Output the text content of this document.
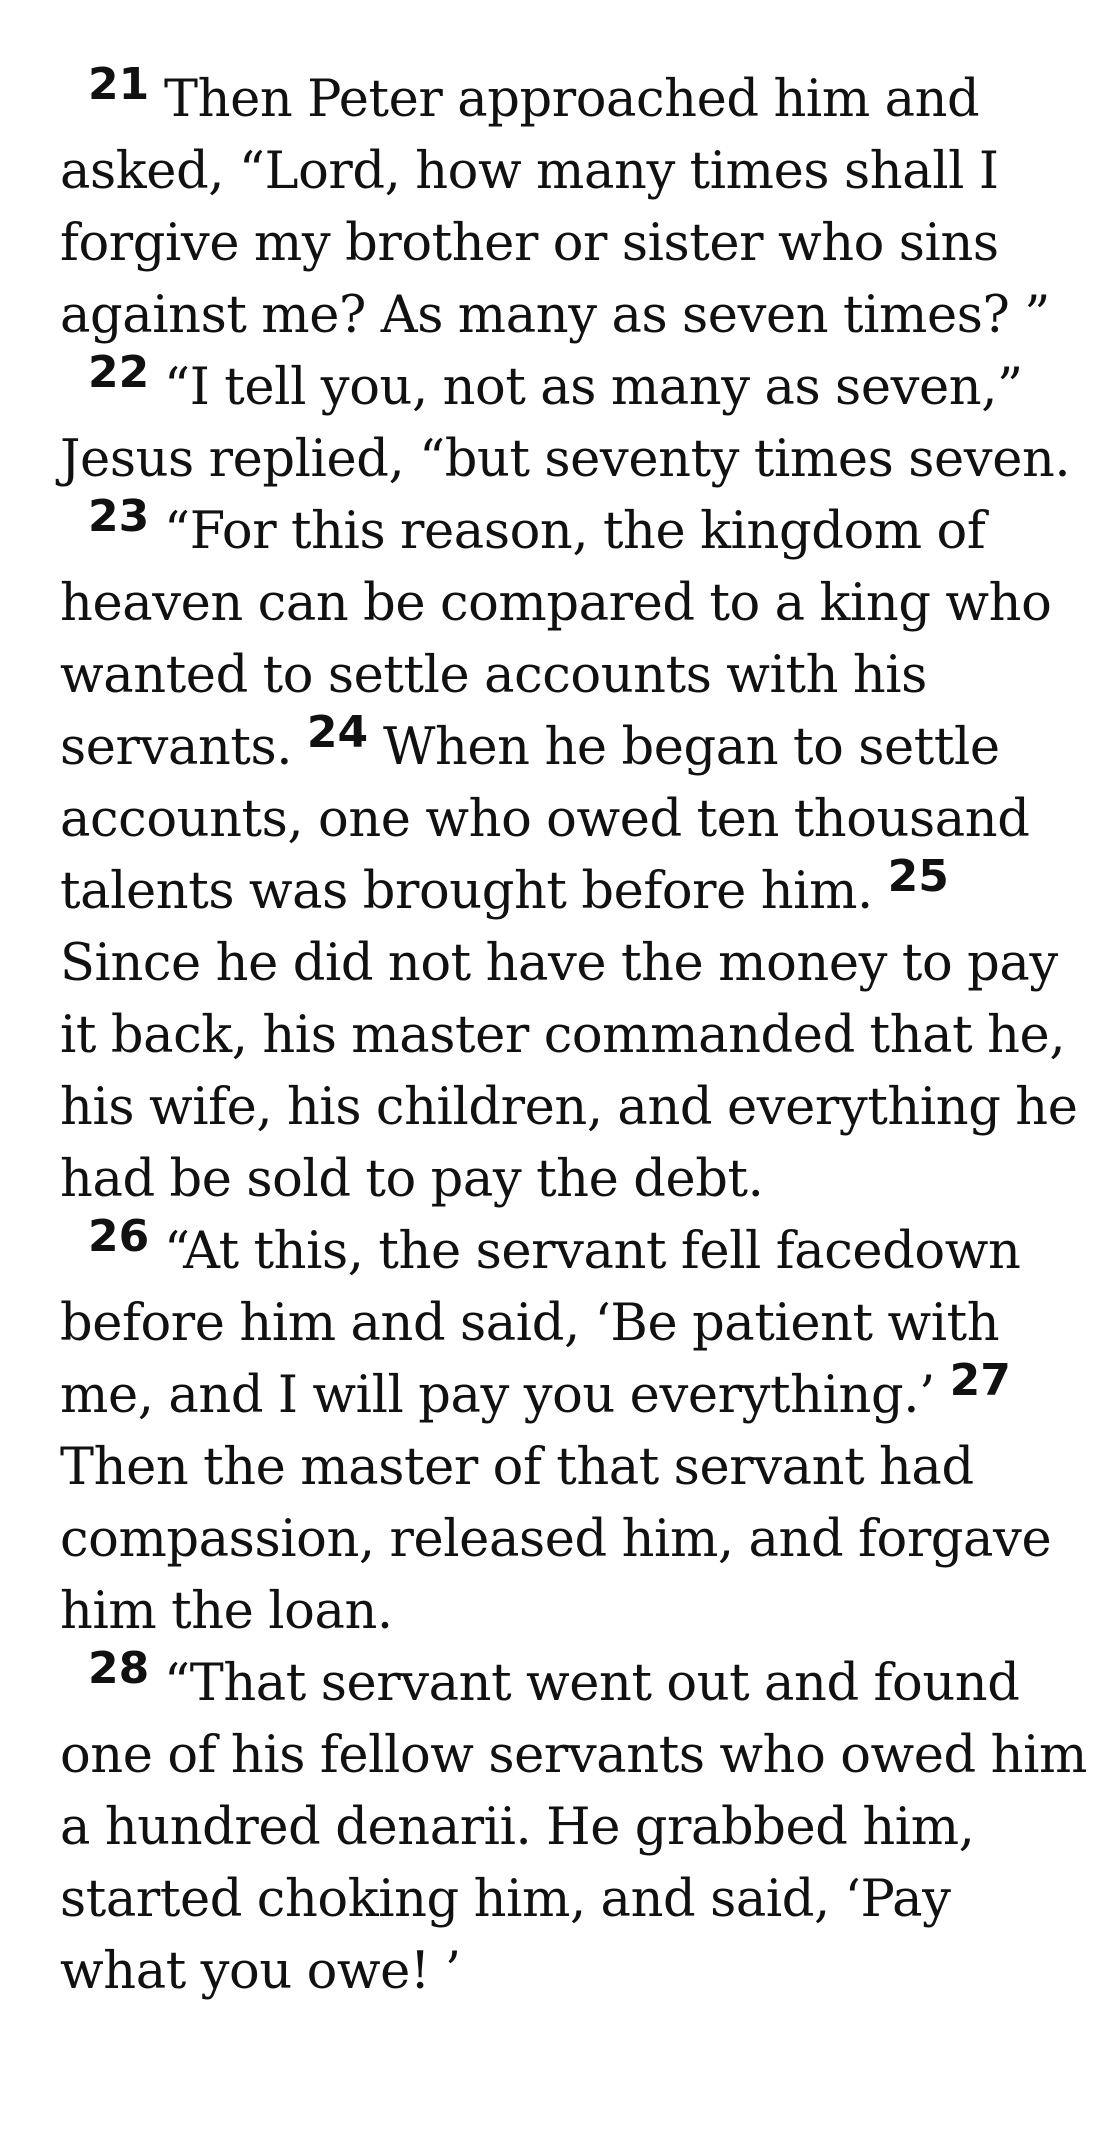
21 Then Peter approached him and asked, “Lord, how many times shall I forgive my brother or sister who sins against me? As many as seven times? ”

22 “I tell you, not as many as seven,” Jesus replied, “but seventy times seven.

23 “For this reason, the kingdom of heaven can be compared to a king who wanted to settle accounts with his servants. 24 When he began to settle accounts, one who owed ten thousand talents was brought before him. 25 Since he did not have the money to pay it back, his master commanded that he, his wife, his children, and everything he had be sold to pay the debt.

26 “At this, the servant fell facedown before him and said, ‘Be patient with me, and I will pay you everything.’ 27 Then the master of that servant had compassion, released him, and forgave him the loan.

28 “That servant went out and found one of his fellow servants who owed him a hundred denarii. He grabbed him, started choking him, and said, ‘Pay what you owe! ’
